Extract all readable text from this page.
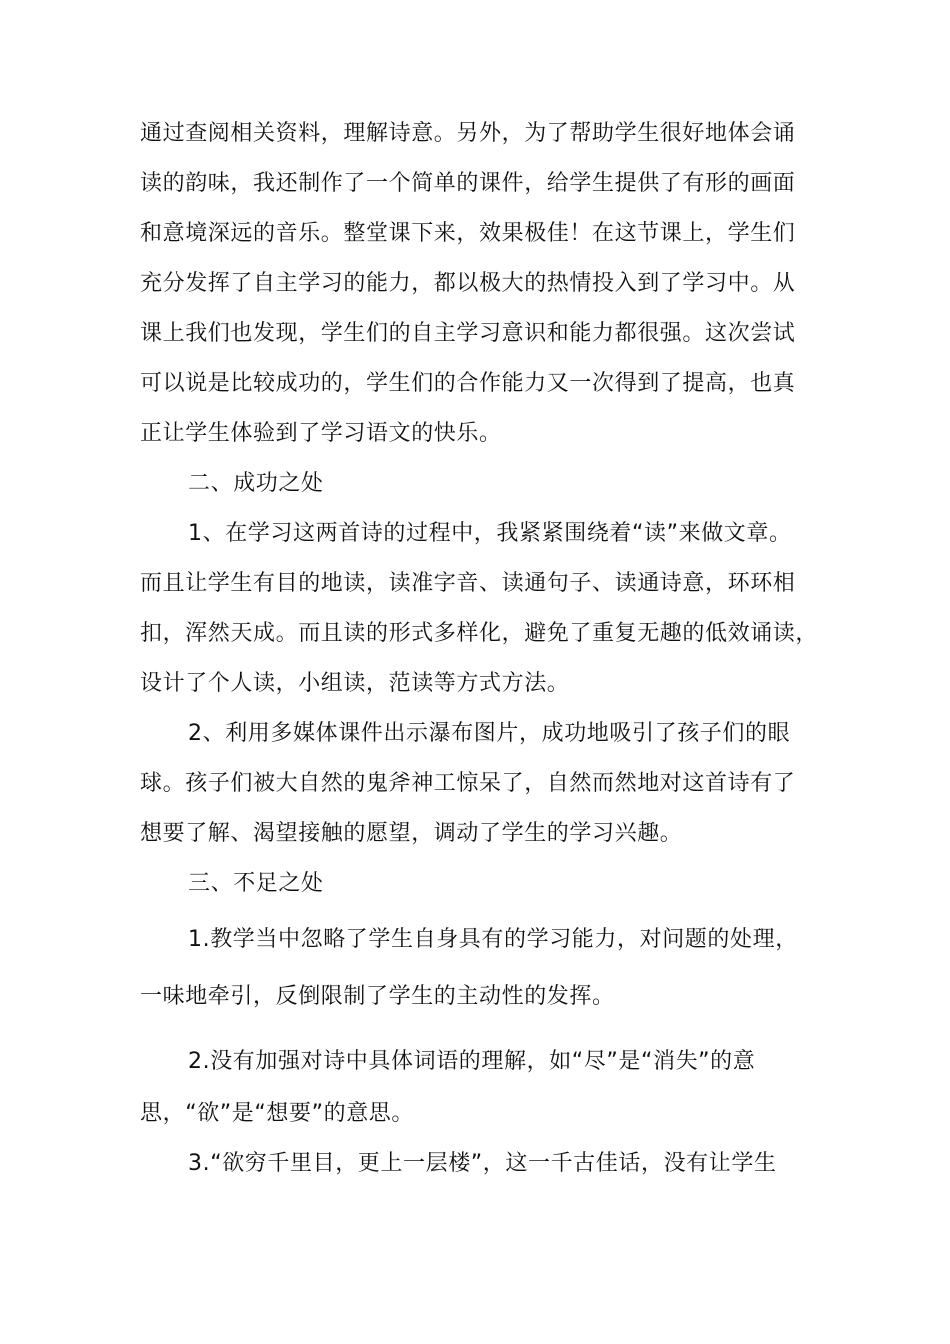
通过查阅相关资料，理解诗意。另外，为了帮助学生很好地体会诵
读的韵味，我还制作了一个简单的课件，给学生提供了有形的画面
和意境深远的音乐。整堂课下来，效果极佳！在这节课上，学生们
充分发挥了自主学习的能力，都以极大的热情投入到了学习中。从
课上我们也发现，学生们的自主学习意识和能力都很强。这次尝试
可以说是比较成功的，学生们的合作能力又一次得到了提高，也真
正让学生体验到了学习语文的快乐。
二、成功之处
1、在学习这两首诗的过程中，我紧紧围绕着“读”来做文章。
而且让学生有目的地读，读准字音、读通句子、读通诗意，环环相
扣，浑然天成。而且读的形式多样化，避免了重复无趣的低效诵读，
设计了个人读，小组读，范读等方式方法。
2、利用多媒体课件出示瀑布图片，成功地吸引了孩子们的眼
球。孩子们被大自然的鬼斧神工惊呆了，自然而然地对这首诗有了
想要了解、渴望接触的愿望，调动了学生的学习兴趣。
三、不足之处
1.教学当中忽略了学生自身具有的学习能力，对问题的处理，
一味地牵引，反倒限制了学生的主动性的发挥。
2.没有加强对诗中具体词语的理解，如“尽”是“消失”的意
思，“欲”是“想要”的意思。
3.“欲穷千里目，更上一层楼”，这一千古佳话，没有让学生
